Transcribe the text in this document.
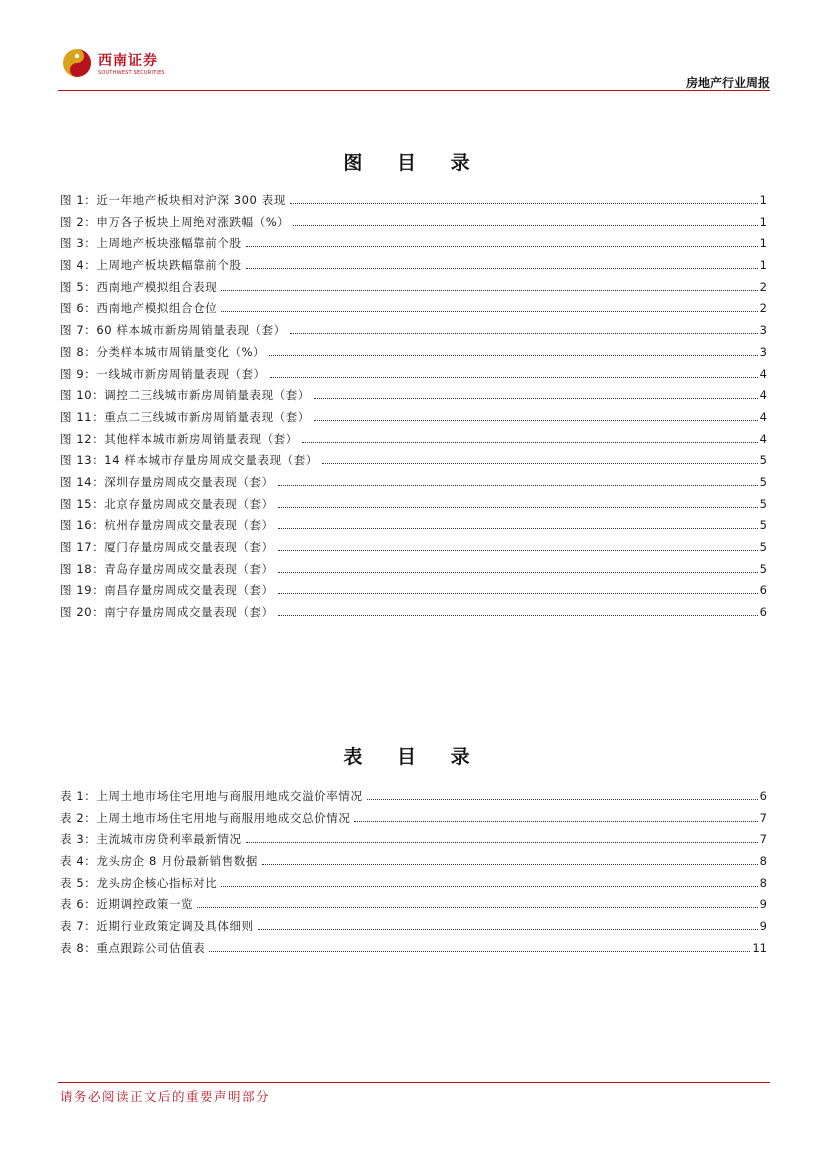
西南证券
SOUTHWEST SECURITIES
房地产行业周报
图 目 录
图 1：近一年地产板块相对沪深 300 表现	1
图 2：申万各子板块上周绝对涨跌幅（%）	1
图 3：上周地产板块涨幅靠前个股	1
图 4：上周地产板块跌幅靠前个股	1
图 5：西南地产模拟组合表现	2
图 6：西南地产模拟组合仓位	2
图 7：60 样本城市新房周销量表现（套）	3
图 8：分类样本城市周销量变化（%）	3
图 9：一线城市新房周销量表现（套）	4
图 10：调控二三线城市新房周销量表现（套）	4
图 11：重点二三线城市新房周销量表现（套）	4
图 12：其他样本城市新房周销量表现（套）	4
图 13：14 样本城市存量房周成交量表现（套）	5
图 14：深圳存量房周成交量表现（套）	5
图 15：北京存量房周成交量表现（套）	5
图 16：杭州存量房周成交量表现（套）	5
图 17：厦门存量房周成交量表现（套）	5
图 18：青岛存量房周成交量表现（套）	5
图 19：南昌存量房周成交量表现（套）	6
图 20：南宁存量房周成交量表现（套）	6
表 目 录
表 1：上周土地市场住宅用地与商服用地成交溢价率情况	6
表 2：上周土地市场住宅用地与商服用地成交总价情况	7
表 3：主流城市房贷利率最新情况	7
表 4：龙头房企 8 月份最新销售数据	8
表 5：龙头房企核心指标对比	8
表 6：近期调控政策一览	9
表 7：近期行业政策定调及具体细则	9
表 8：重点跟踪公司估值表	11
请务必阅读正文后的重要声明部分
